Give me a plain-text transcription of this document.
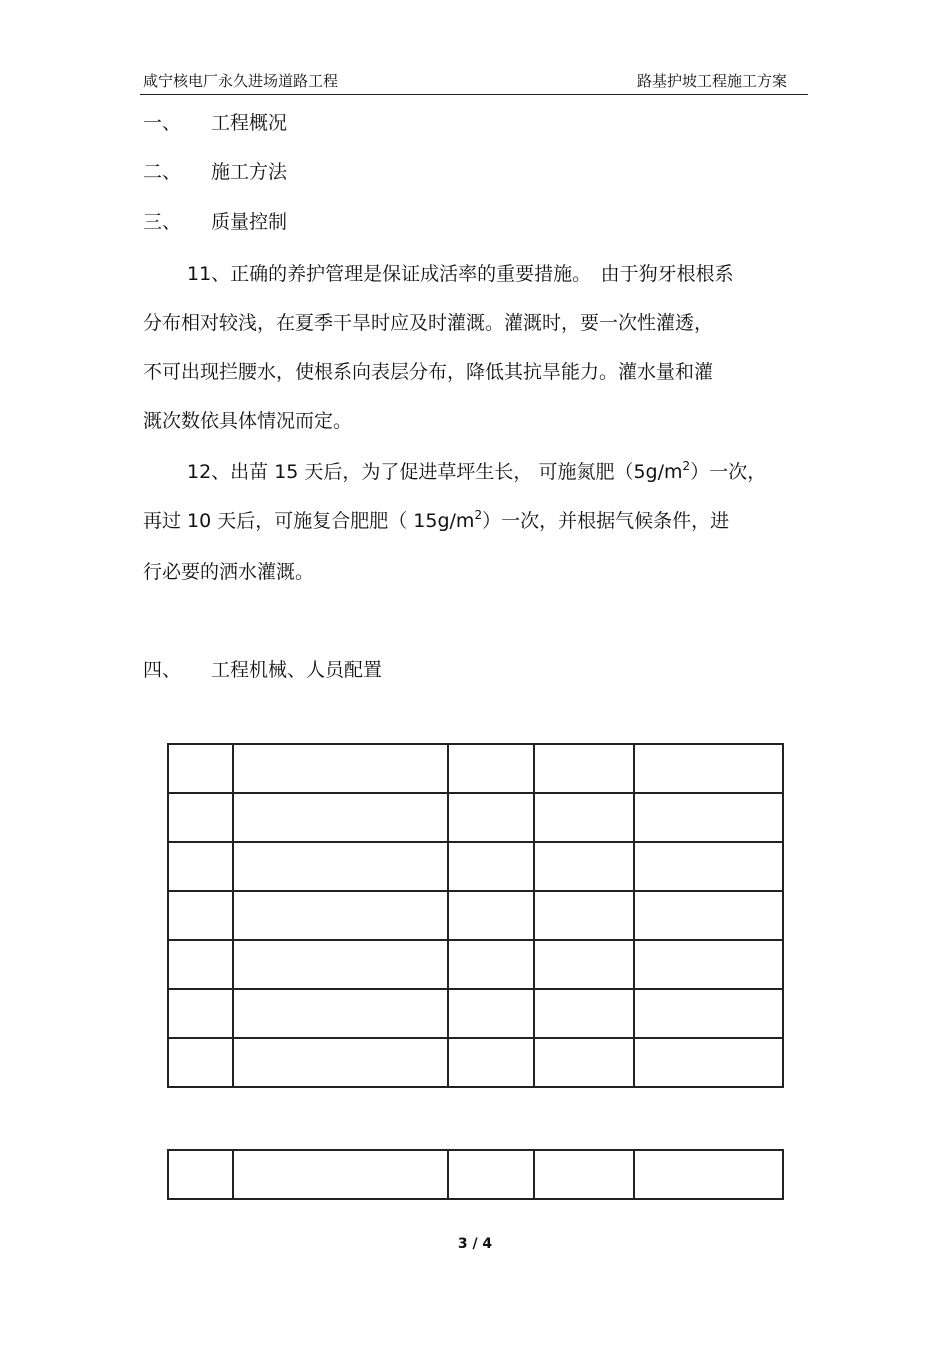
咸宁核电厂永久进场道路工程	路基护坡工程施工方案
一、 工程概况
二、 施工方法
三、 质量控制
11、正确的养护管理是保证成活率的重要措施。　由于狗牙根根系
分布相对较浅，在夏季干旱时应及时灌溉。灌溉时，要一次性灌透，
不可出现拦腰水，使根系向表层分布，降低其抗旱能力。灌水量和灌
溉次数依具体情况而定。
12、出苗 15 天后，为了促进草坪生长， 可施氮肥$(5g/m^2)$一次，
再过 10 天后，可施复合肥肥（ $15g/m^2$）一次，并根据气候条件，进
行必要的洒水灌溉。
四、 工程机械、人员配置

3 / 4
